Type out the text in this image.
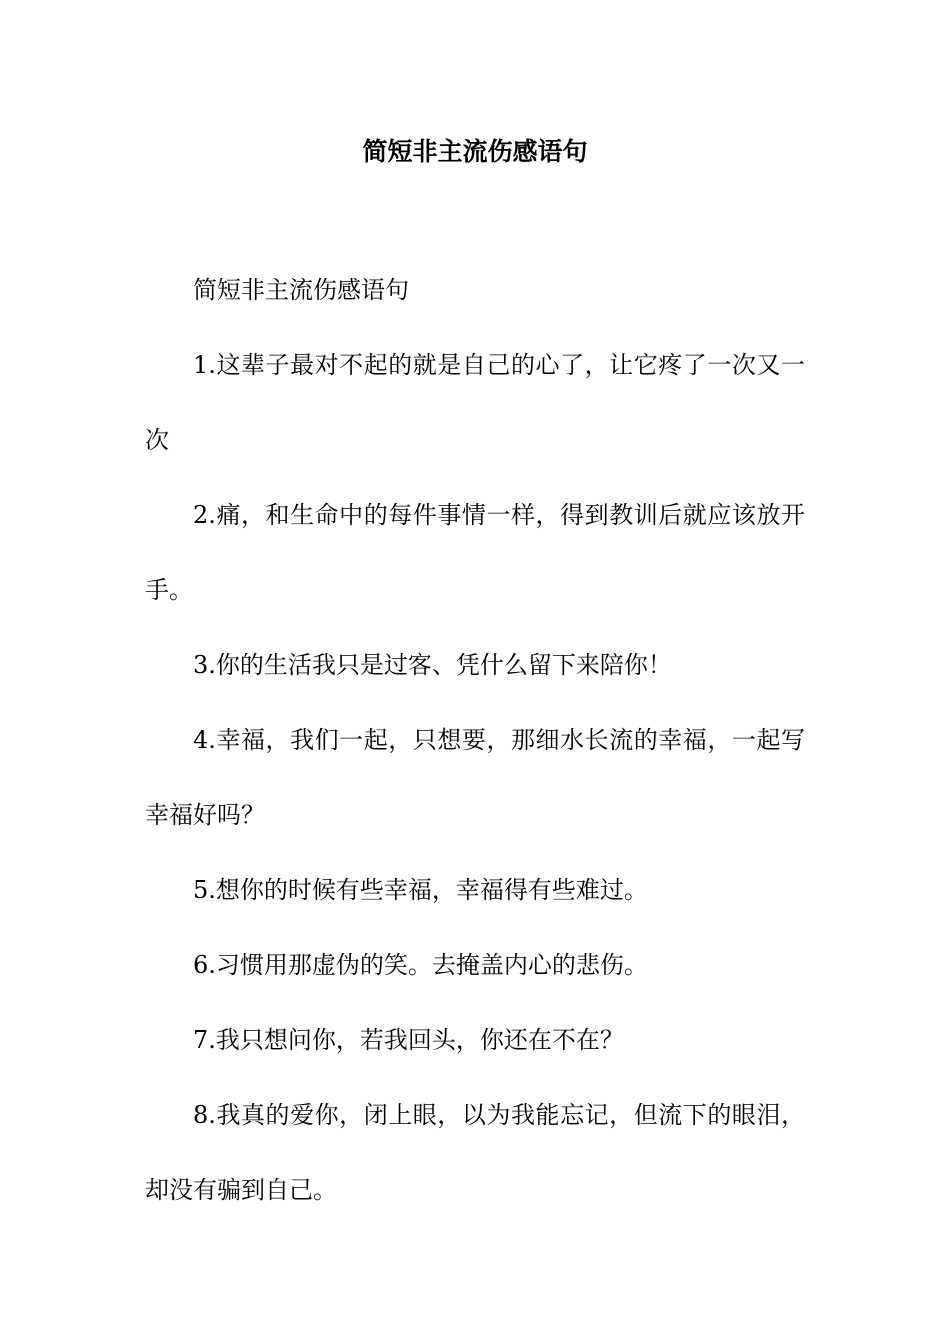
简短非主流伤感语句

简短非主流伤感语句

1.这辈子最对不起的就是自己的心了，让它疼了一次又一次

2.痛，和生命中的每件事情一样，得到教训后就应该放开手。

3.你的生活我只是过客、凭什么留下来陪你！

4.幸福，我们一起，只想要，那细水长流的幸福，一起写幸福好吗？

5.想你的时候有些幸福，幸福得有些难过。

6.习惯用那虚伪的笑。去掩盖内心的悲伤。

7.我只想问你，若我回头，你还在不在？

8.我真的爱你，闭上眼，以为我能忘记，但流下的眼泪，却没有骗到自己。
